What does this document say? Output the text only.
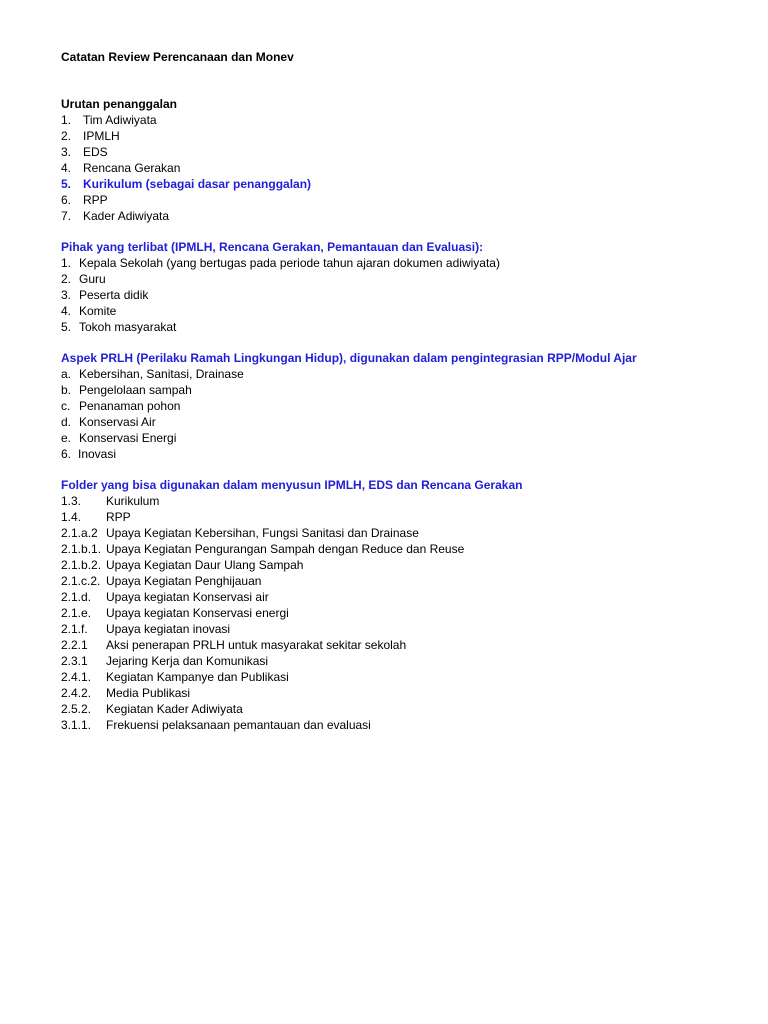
Catatan Review Perencanaan dan Monev
Urutan penanggalan
1. Tim Adiwiyata
2. IPMLH
3. EDS
4. Rencana Gerakan
5. Kurikulum (sebagai dasar penanggalan)
6. RPP
7. Kader Adiwiyata
Pihak yang terlibat (IPMLH, Rencana Gerakan, Pemantauan dan Evaluasi):
1. Kepala Sekolah (yang bertugas pada periode tahun ajaran dokumen adiwiyata)
2. Guru
3. Peserta didik
4. Komite
5. Tokoh masyarakat
Aspek PRLH (Perilaku Ramah Lingkungan Hidup), digunakan dalam pengintegrasian RPP/Modul Ajar
a. Kebersihan, Sanitasi, Drainase
b. Pengelolaan sampah
c. Penanaman pohon
d. Konservasi Air
e. Konservasi Energi
6. Inovasi
Folder yang bisa digunakan dalam menyusun IPMLH, EDS dan Rencana Gerakan
1.3. Kurikulum
1.4. RPP
2.1.a.2 Upaya Kegiatan Kebersihan, Fungsi Sanitasi dan Drainase
2.1.b.1. Upaya Kegiatan Pengurangan Sampah dengan Reduce dan Reuse
2.1.b.2. Upaya Kegiatan Daur Ulang Sampah
2.1.c.2. Upaya Kegiatan Penghijauan
2.1.d. Upaya kegiatan Konservasi air
2.1.e. Upaya kegiatan Konservasi energi
2.1.f. Upaya kegiatan inovasi
2.2.1 Aksi penerapan PRLH untuk masyarakat sekitar sekolah
2.3.1 Jejaring Kerja dan Komunikasi
2.4.1. Kegiatan Kampanye dan Publikasi
2.4.2. Media Publikasi
2.5.2. Kegiatan Kader Adiwiyata
3.1.1. Frekuensi pelaksanaan pemantauan dan evaluasi
